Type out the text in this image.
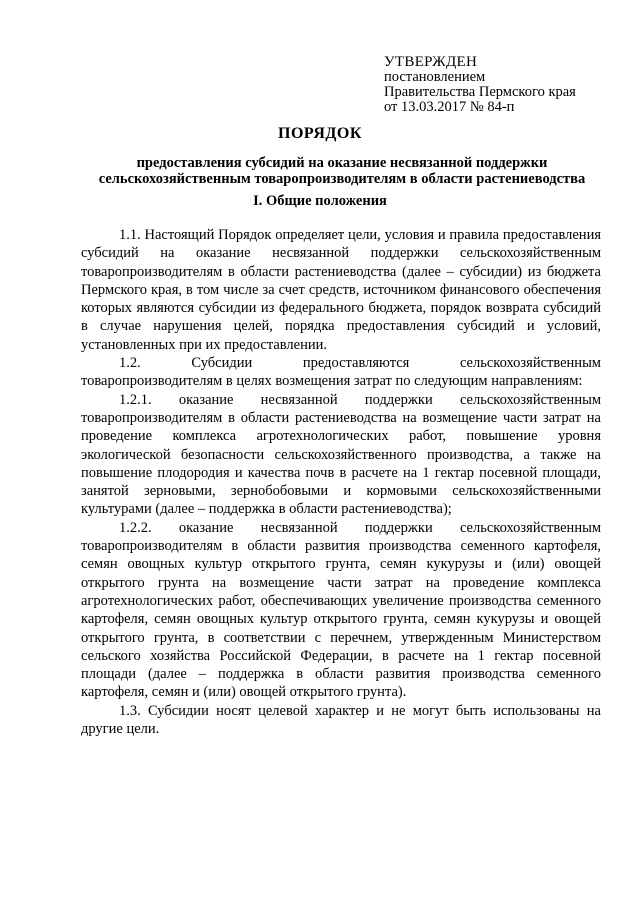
УТВЕРЖДЕН
постановлением
Правительства Пермского края
от 13.03.2017 № 84-п
ПОРЯДОК
предоставления субсидий на оказание несвязанной поддержки сельскохозяйственным товаропроизводителям в области растениеводства
I. Общие положения

1.1. Настоящий Порядок определяет цели, условия и правила предоставления субсидий на оказание несвязанной поддержки сельскохозяйственным товаропроизводителям в области растениеводства (далее – субсидии) из бюджета Пермского края, в том числе за счет средств, источником финансового обеспечения которых являются субсидии из федерального бюджета, порядок возврата субсидий в случае нарушения целей, порядка предоставления субсидий и условий, установленных при их предоставлении.

1.2. Субсидии предоставляются сельскохозяйственным товаропроизводителям в целях возмещения затрат по следующим направлениям:

1.2.1. оказание несвязанной поддержки сельскохозяйственным товаропроизводителям в области растениеводства на возмещение части затрат на проведение комплекса агротехнологических работ, повышение уровня экологической безопасности сельскохозяйственного производства, а также на повышение плодородия и качества почв в расчете на 1 гектар посевной площади, занятой зерновыми, зернобобовыми и кормовыми сельскохозяйственными культурами (далее – поддержка в области растениеводства);

1.2.2. оказание несвязанной поддержки сельскохозяйственным товаропроизводителям в области развития производства семенного картофеля, семян овощных культур открытого грунта, семян кукурузы и (или) овощей открытого грунта на возмещение части затрат на проведение комплекса агротехнологических работ, обеспечивающих увеличение производства семенного картофеля, семян овощных культур открытого грунта, семян кукурузы и овощей открытого грунта, в соответствии с перечнем, утвержденным Министерством сельского хозяйства Российской Федерации, в расчете на 1 гектар посевной площади (далее – поддержка в области развития производства семенного картофеля, семян и (или) овощей открытого грунта).

1.3. Субсидии носят целевой характер и не могут быть использованы на другие цели.
